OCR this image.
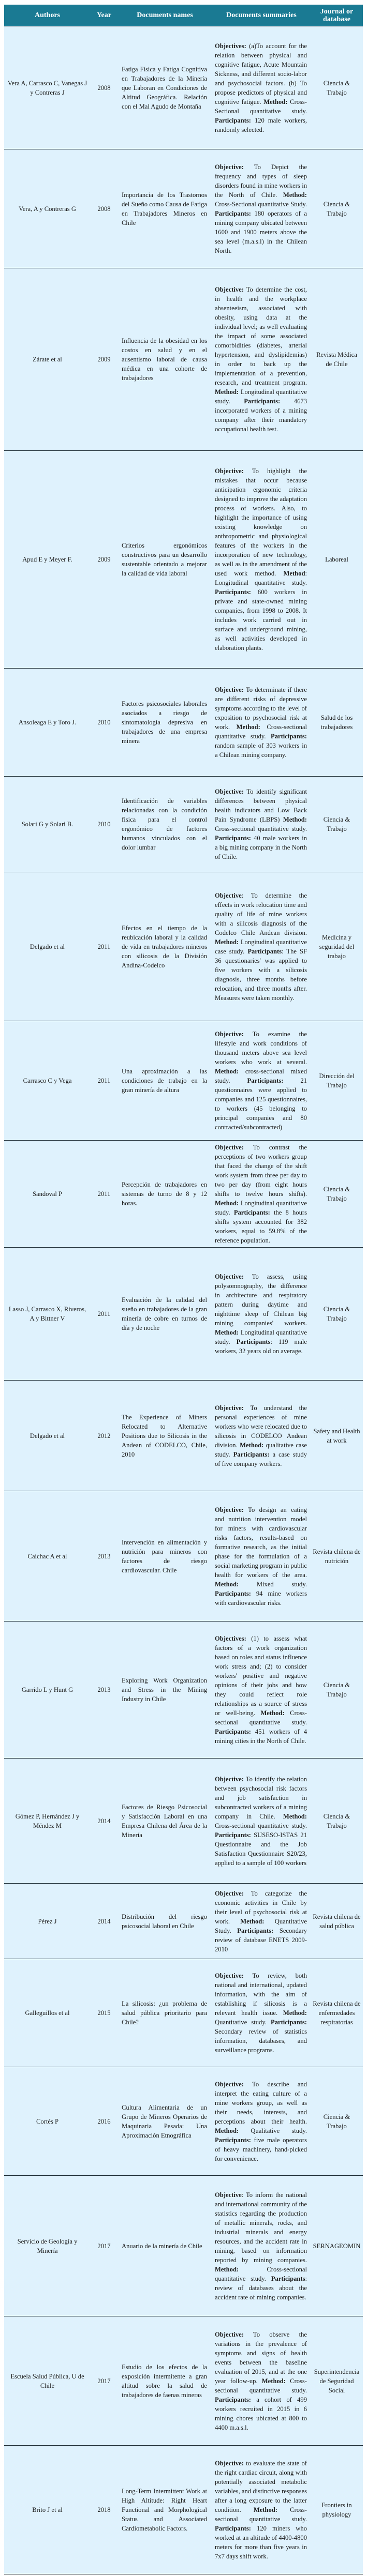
Authors	Year	Documents names	Documents summaries	Journal or database
Vera A, Carrasco C, Vanegas J y Contreras J	2008	Fatiga Física y Fatiga Cognitiva en Trabajadores de la Minería que Laboran en Condiciones de Altitud Geográfica. Relación con el Mal Agudo de Montaña	Objectives: (a)To account for the relation between physical and cognitive fatigue, Acute Mountain Sickness, and different socio-labor and psychosocial factors. (b) To propose predictors of physical and cognitive fatigue. Method: Cross-Sectional quantitative study. Participants: 120 male workers, randomly selected.	Ciencia & Trabajo
Vera, A y Contreras G	2008	Importancia de los Trastornos del Sueño como Causa de Fatiga en Trabajadores Mineros en Chile	Objective: To Depict the frequency and types of sleep disorders found in mine workers in the North of Chile. Method: Cross-Sectional quantitative Study. Participants: 180 operators of a mining company ubicated between 1600 and 1900 meters above the sea level (m.a.s.l) in the Chilean North.	Ciencia & Trabajo
Zárate et al	2009	Influencia de la obesidad en los costos en salud y en el ausentismo laboral de causa médica en una cohorte de trabajadores	Objective: To determine the cost, in health and the workplace absenteeism, associated with obesity, using data at the individual level; as well evaluating the impact of some associated comorbidities (diabetes, arterial hypertension, and dyslipidemias) in order to back up the implementation of a prevention, research, and treatment program. Method: Longitudinal quantitative study. Participants: 4673 incorporated workers of a mining company after their mandatory occupational health test.	Revista Médica de Chile
Apud E y Meyer F.	2009	Criterios ergonómicos constructivos para un desarrollo sustentable orientado a mejorar la calidad de vida laboral	Objective: To highlight the mistakes that occur because anticipation ergonomic criteria designed to improve the adaptation process of workers. Also, to highlight the importance of using existing knowledge on anthropometric and physiological features of the workers in the incorporation of new technology, as well as in the amendment of the used work method. Method: Longitudinal quantitative study. Participants: 600 workers in private and state-owned mining companies, from 1998 to 2008. It includes work carried out in surface and underground mining, as well activities developed in elaboration plants.	Laboreal
Ansoleaga E y Toro J.	2010	Factores psicosociales laborales asociados a riesgo de sintomatología depresiva en trabajadores de una empresa minera	Objective: To determinate if there are different risks of depressive symptoms according to the level of exposition to psychosocial risk at work. Method: Cross-sectional quantitative study. Participants: random sample of 303 workers in a Chilean mining company.	Salud de los trabajadores
Solari G y Solari B.	2010	Identificación de variables relacionadas con la condición fisica para el control ergonómico de factores humanos vinculados con el dolor lumbar	Objective: To identify significant differences between physical health indicators and Low Back Pain Syndrome (LBPS) Method: Cross-sectional quantitative study. Participants: 40 male workers in a big mining company in the North of Chile.	Ciencia & Trabajo
Delgado et al	2011	Efectos en el tiempo de la reubicación laboral y la calidad de vida en trabajadores mineros con silicosis de la División Andina-Codelco	Objective: To determine the effects in work relocation time and quality of life of mine workers with a silicosis diagnosis of the Codelco Chile Andean division. Method: Longitudinal quantitative case study. Participants: The SF 36 questionaries' was applied to five workers with a silicosis diagnosis, three months before relocation, and three months after. Measures were taken monthly.	Medicina y seguridad del trabajo
Carrasco C y Vega	2011	Una aproximación a las condiciones de trabajo en la gran minería de altura	Objective: To examine the lifestyle and work conditions of thousand meters above sea level workers who work at several. Method: cross-sectional mixed study. Participants: 21 questionnaires were applied to companies and 125 questionnaires, to workers (45 belonging to principal companies and 80 contracted/subcontracted)	Dirección del Trabajo
Sandoval P	2011	Percepción de trabajadores en sistemas de turno de 8 y 12 horas.	Objective: To contrast the perceptions of two workers group that faced the change of the shift work system from three per day to two per day (from eight hours shifts to twelve hours shifts). Method: Longitudinal quantitative study. Participants: the 8 hours shifts system accounted for 382 workers, equal to 59.8% of the reference population.	Ciencia & Trabajo
Lasso J, Carrasco X, Riveros, A y Bittner V	2011	Evaluación de la calidad del sueño en trabajadores de la gran minería de cobre en turnos de día y de noche	Objective: To assess, using polysomnography, the difference in architecture and respiratory pattern during daytime and nighttime sleep of Chilean big mining companies' workers. Method: Longitudinal quantitative study. Participants: 119 male workers, 32 years old on average.	Ciencia & Trabajo
Delgado et al	2012	The Experience of Miners Relocated to Alternative Positions due to Silicosis in the Andean of CODELCO, Chile, 2010	Objective: To understand the personal experiences of mine workers who were relocated due to silicosis in CODELCO Andean division. Method: qualitative case study. Participants: a case study of five company workers.	Safety and Health at work
Caichac A et al	2013	Intervención en alimentación y nutrición para mineros con factores de riesgo cardiovascular. Chile	Objective: To design an eating and nutrition intervention model for miners with cardiovascular risks factors, results-based on formative research, as the initial phase for the formulation of a social marketing program in public health for workers of the area. Method: Mixed study. Participants: 94 mine workers with cardiovascular risks.	Revista chilena de nutrición
Garrido L y Hunt G	2013	Exploring Work Organization and Stress in the Mining Industry in Chile	Objectives: (1) to assess what factors of a work organization based on roles and status influence work stress and; (2) to consider workers' positive and negative opinions of their jobs and how they could reflect role relationships as a source of stress or well-being. Method: Cross-sectional quantitative study. Participants: 451 workers of 4 mining cities in the North of Chile.	Ciencia & Trabajo
Gómez P, Hernández J y Méndez M	2014	Factores de Riesgo Psicosocial y Satisfacción Laboral en una Empresa Chilena del Área de la Minería	Objective: To identify the relation between psychosocial risk factors and job satisfaction in subcontracted workers of a mining company in Chile. Method: Cross-sectional quantitative study. Participants: SUSESO-ISTAS 21 Questionnaire and the Job Satisfaction Questionnaire S20/23, applied to a sample of 100 workers	Ciencia & Trabajo
Pérez J	2014	Distribución del riesgo psicosocial laboral en Chile	Objective: To categorize the economic activities in Chile by their level of psychosocial risk at work. Method: Quantitative Study. Participants: Secondary review of database ENETS 2009-2010	Revista chilena de salud pública
Galleguillos et al	2015	La silicosis: ¿un problema de salud pública prioritario para Chile?	Objective: To review, both national and international, updated information, with the aim of establishing if silicosis is a relevant health issue. Method: Quantitative study. Participants: Secondary review of statistics information, databases, and surveillance programs.	Revista chilena de enfermedades respiratorias
Cortés P	2016	Cultura Alimentaria de un Grupo de Mineros Operarios de Maquinaria Pesada: Una Aproximación Etnográfica	Objective: To describe and interpret the eating culture of a mine workers group, as well as their needs, interests, and perceptions about their health. Method: Qualitative study. Participants: five male operators of heavy machinery, hand-picked for convenience.	Ciencia & Trabajo
Servicio de Geología y Minería	2017	Anuario de la minería de Chile	Objective: To inform the national and international community of the statistics regarding the production of metallic minerals, rocks, and industrial minerals and energy resources, and the accident rate in mining, based on information reported by mining companies. Method: Cross-sectional quantitative study. Participants: review of databases about the accident rate of mining companies.	SERNAGEOMIN
Escuela Salud Pública, U de Chile	2017	Estudio de los efectos de la exposición intermitente a gran altitud sobre la salud de trabajadores de faenas mineras	Objective: To observe the variations in the prevalence of symptoms and signs of health events between the baseline evaluation of 2015, and at the one year follow-up. Method: Cross-sectional quantitative study. Participants: a cohort of 499 workers recruited in 2015 in 6 mining chores ubicated at 800 to 4400 m.a.s.l.	Superintendencia de Seguridad Social
Brito J et al	2018	Long-Term Intermittent Work at High Altitude: Right Heart Functional and Morphological Status and Associated Cardiometabolic Factors.	Objective: to evaluate the state of the right cardiac circuit, along with potentially associated metabolic variables, and distinctive responses after a long exposure to the latter condition. Method: Cross-sectional quantitative study. Participants: 120 miners who worked at an altitude of 4400-4800 meters for more than five years in 7x7 days shift work.	Frontiers in physiology
